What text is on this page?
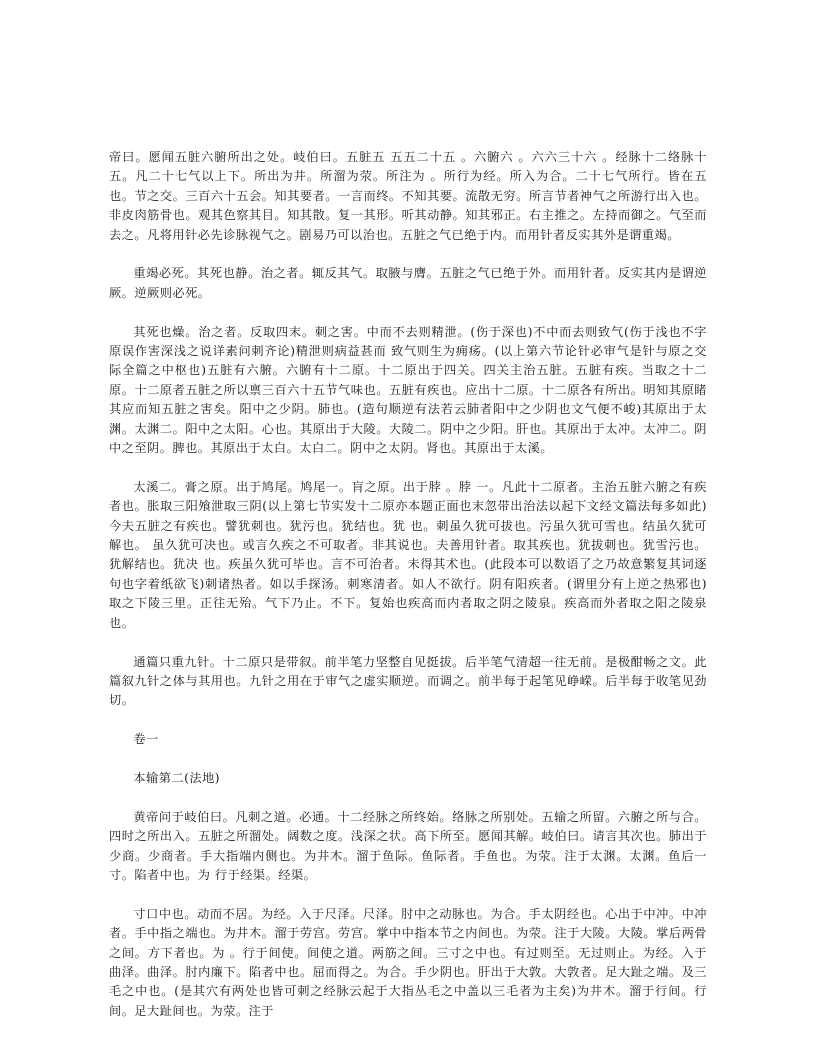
帝曰。愿闻五脏六腑所出之处。岐伯曰。五脏五 五五二十五 。六腑六 。六六三十六 。经脉十二络脉十五。凡二十七气以上下。所出为井。所溜为荥。所注为 。所行为经。所入为合。二十七气所行。皆在五 也。节之交。三百六十五会。知其要者。一言而终。不知其要。流散无穷。所言节者神气之所游行出入也。非皮肉筋骨也。观其色察其目。知其散。复一其形。听其动静。知其邪正。右主推之。左持而御之。气至而去之。凡将用针必先诊脉视气之。剧易乃可以治也。五脏之气已绝于内。而用针者反实其外是谓重竭。

重竭必死。其死也静。治之者。辄反其气。取腋与膺。五脏之气已绝于外。而用针者。反实其内是谓逆厥。逆厥则必死。

其死也燥。治之者。反取四末。刺之害。中而不去则精泄。(伤于深也)不中而去则致气(伤于浅也不字原误作害深浅之说详素问刺齐论)精泄则病益甚而 致气则生为痈疡。(以上第六节论针必审气是针与原之交际全篇之中枢也)五脏有六腑。六腑有十二原。十二原出于四关。四关主治五脏。五脏有疾。当取之十二原。十二原者五脏之所以禀三百六十五节气味也。五脏有疾也。应出十二原。十二原各有所出。明知其原睹其应而知五脏之害矣。阳中之少阴。肺也。(造句顺逆有法若云肺者阳中之少阴也文气便不峻)其原出于太渊。太渊二。阳中之太阳。心也。其原出于大陵。大陵二。阴中之少阳。肝也。其原出于太冲。太冲二。阴中之至阴。脾也。其原出于太白。太白二。阴中之太阴。肾也。其原出于太溪。

太溪二。膏之原。出于鸠尾。鸠尾一。肓之原。出于脖 。脖 一。凡此十二原者。主治五脏六腑之有疾者也。胀取三阳飧泄取三阴(以上第七节实发十二原亦本题正面也末忽带出治法以起下文经文篇法每多如此)今夫五脏之有疾也。譬犹刺也。犹污也。犹结也。犹 也。刺虽久犹可拔也。污虽久犹可雪也。结虽久犹可解也。 虽久犹可决也。或言久疾之不可取者。非其说也。夫善用针者。取其疾也。犹拔刺也。犹雪污也。犹解结也。犹决 也。疾虽久犹可毕也。言不可治者。未得其术也。(此段本可以数语了之乃故意繁复其词逐句也字着纸欲飞)刺诸热者。如以手探汤。刺寒清者。如人不欲行。阴有阳疾者。(谓里分有上逆之热邪也)取之下陵三里。正往无殆。气下乃止。不下。复始也疾高而内者取之阴之陵泉。疾高而外者取之阳之陵泉也。

通篇只重九针。十二原只是带叙。前半笔力坚整自见挺拔。后半笔气清超一往无前。是极酣畅之文。此篇叙九针之体与其用也。九针之用在于审气之虚实顺逆。而调之。前半每于起笔见峥嵘。后半每于收笔见劲切。

卷一

本输第二(法地)

黄帝问于岐伯曰。凡刺之道。必通。十二经脉之所终始。络脉之所别处。五输之所留。六腑之所与合。四时之所出入。五脏之所溜处。阔数之度。浅深之状。高下所至。愿闻其解。岐伯曰。请言其次也。肺出于少商。少商者。手大指端内侧也。为井木。溜于鱼际。鱼际者。手鱼也。为荥。注于太渊。太渊。鱼后一寸。陷者中也。为 行于经渠。经渠。

寸口中也。动而不居。为经。入于尺泽。尺泽。肘中之动脉也。为合。手太阴经也。心出于中冲。中冲者。手中指之端也。为井木。溜于劳宫。劳宫。掌中中指本节之内间也。为荥。注于大陵。大陵。掌后两骨之间。方下者也。为 。行于间使。间使之道。两筋之间。三寸之中也。有过则至。无过则止。为经。入于曲泽。曲泽。肘内廉下。陷者中也。屈而得之。为合。手少阴也。肝出于大敦。大敦者。足大趾之端。及三毛之中也。(是其穴有两处也皆可刺之经脉云起于大指丛毛之中盖以三毛者为主矣)为井木。溜于行间。行间。足大趾间也。为荥。注于
